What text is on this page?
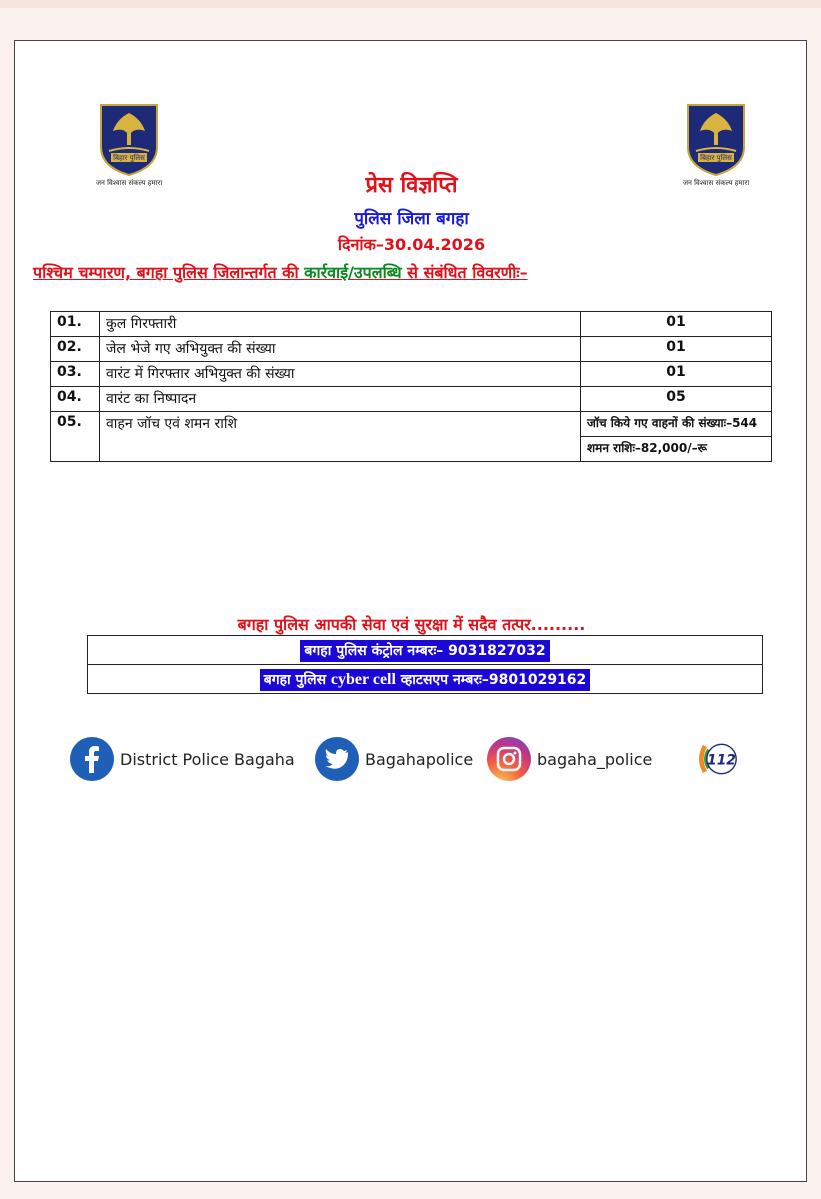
बिहार पुलिस
जन विश्वास संकल्प हमारा
बिहार पुलिस
जन विश्वास संकल्प हमारा
प्रेस विज्ञप्ति
पुलिस जिला बगहा
दिनांक–30.04.2026
पश्चिम चम्पारण, बगहा पुलिस जिलान्तर्गत की कार्रवाई/उपलब्धि से संबंधित विवरणीः–
01.	कुल गिरफ्तारी	01
02.	जेल भेजे गए अभियुक्त की संख्या	01
03.	वारंट में गिरफ्तार अभियुक्त की संख्या	01
04.	वारंट का निष्पादन	05
05.	वाहन जॉच एवं शमन राशि	जॉच किये गए वाहनों की संख्याः–544
		शमन राशिः–82,000/–रू
बगहा पुलिस आपकी सेवा एवं सुरक्षा में सदैव तत्पर.........
बगहा पुलिस कंट्रोल नम्बरः– 9031827032
बगहा पुलिस cyber cell व्हाटसएप नम्बरः–9801029162
District Police Bagaha	Bagahapolice	bagaha_police	112
